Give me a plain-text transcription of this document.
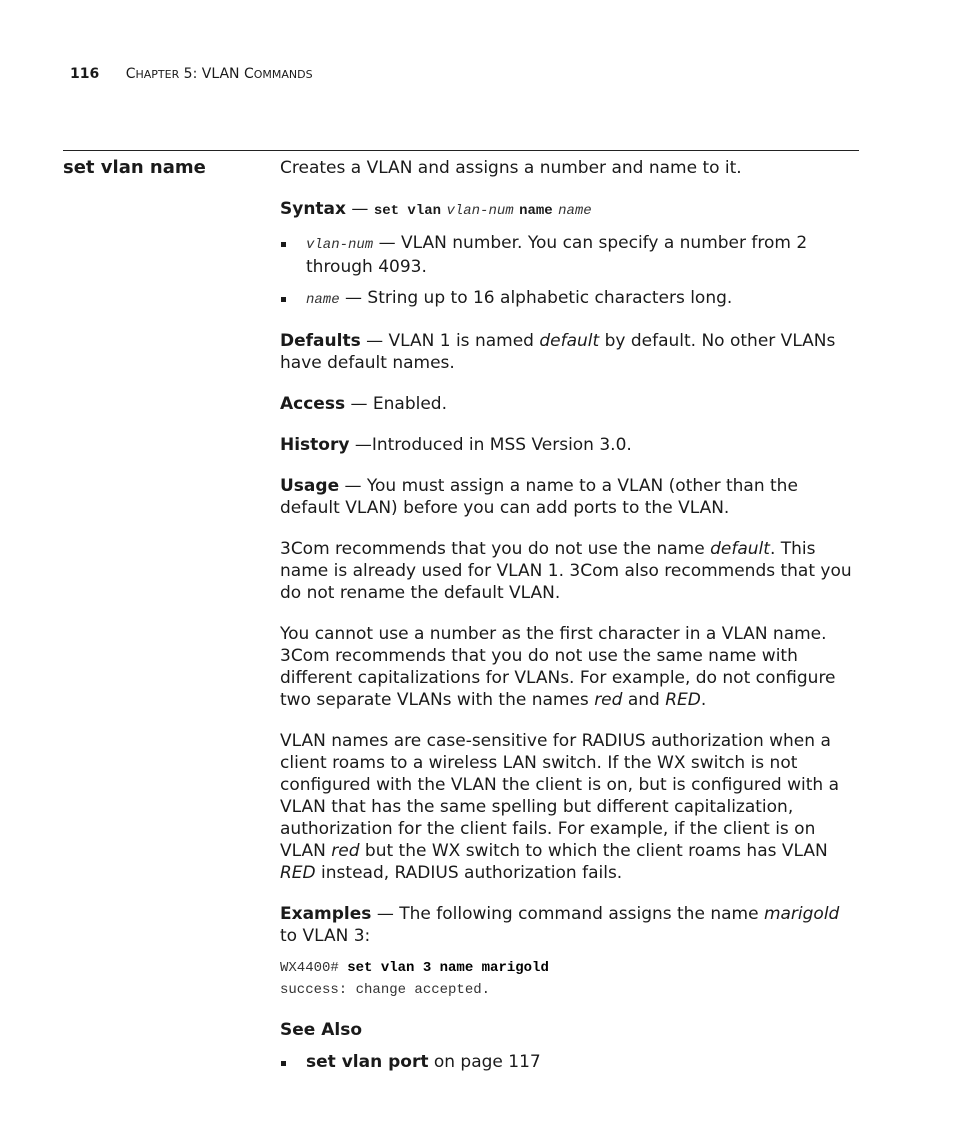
116 CHAPTER 5: VLAN COMMANDS
set vlan name	Creates a VLAN and assigns a number and name to it.

Syntax — set vlan vlan-num name name

vlan-num — VLAN number. You can specify a number from 2 through 4093.
name — String up to 16 alphabetic characters long.

Defaults — VLAN 1 is named default by default. No other VLANs have default names.

Access — Enabled.

History —Introduced in MSS Version 3.0.

Usage — You must assign a name to a VLAN (other than the default VLAN) before you can add ports to the VLAN.

3Com recommends that you do not use the name default. This name is already used for VLAN 1. 3Com also recommends that you do not rename the default VLAN.

You cannot use a number as the first character in a VLAN name. 3Com recommends that you do not use the same name with different capitalizations for VLANs. For example, do not configure two separate VLANs with the names red and RED.

VLAN names are case-sensitive for RADIUS authorization when a client roams to a wireless LAN switch. If the WX switch is not configured with the VLAN the client is on, but is configured with a VLAN that has the same spelling but different capitalization, authorization for the client fails. For example, if the client is on VLAN red but the WX switch to which the client roams has VLAN RED instead, RADIUS authorization fails.

Examples — The following command assigns the name marigold to VLAN 3:

WX4400# set vlan 3 name marigold
success: change accepted.
See Also
set vlan port on page 117
